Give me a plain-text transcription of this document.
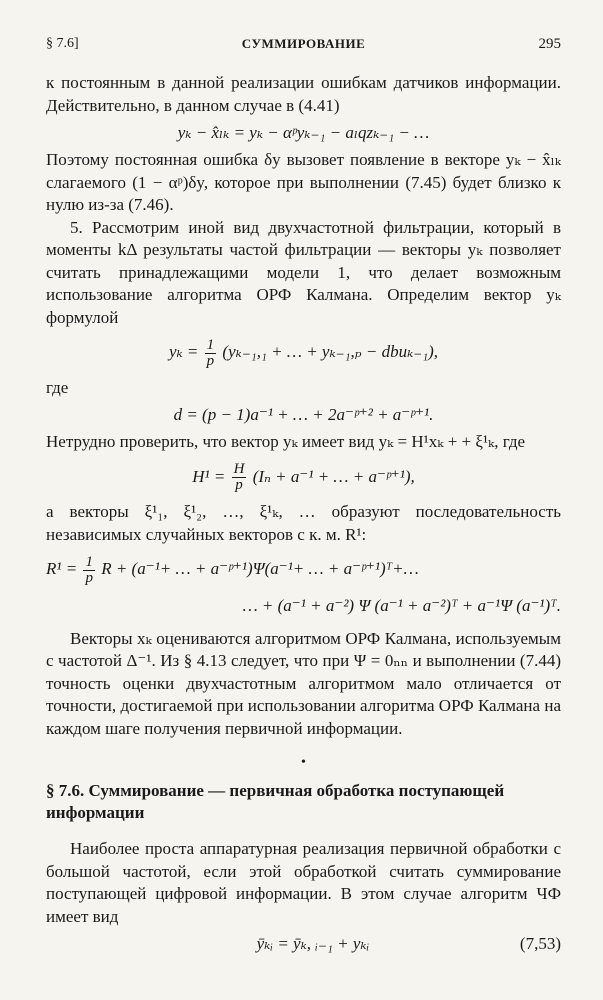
§ 7.6]	СУММИРОВАНИЕ	295

к постоянным в данной реализации ошибкам датчиков информации. Действительно, в данном случае в (4.41)

yₖ − x̂ₗₖ = yₖ − αᵖyₖ₋₁ − aₗqzₖ₋₁ − …

Поэтому постоянная ошибка δy вызовет появление в векторе yₖ − x̂ₗₖ слагаемого (1 − αᵖ)δy, которое при выполнении (7.45) будет близко к нулю из-за (7.46).

5. Рассмотрим иной вид двухчастотной фильтрации, который в моменты kΔ результаты частой фильтрации — векторы yₖ позволяет считать принадлежащими модели 1, что делает возможным использование алгоритма ОРФ Калмана. Определим вектор yₖ формулой

$y_k = \frac{1}{p} (y_{k-1},_1$ + … + yₖ₋₁,ₚ − dbuₖ₋₁),

где

d = (p − 1)a⁻¹ + … + 2a⁻ᵖ⁺² + a⁻ᵖ⁺¹.

Нетрудно проверить, что вектор yₖ имеет вид yₖ = H¹xₖ + + ξ¹ₖ, где

$H^1 = \frac{H}{p} (I_n + a^{-1}$ + … + a⁻ᵖ⁺¹),

а векторы ξ¹₁, ξ¹₂, …, ξ¹ₖ, … образуют последовательность независимых случайных векторов с к. м. R¹:

$R^1 = \frac{1}{p}$ R + (a⁻¹+ … + a⁻ᵖ⁺¹)Ψ(a⁻¹+ … + a⁻ᵖ⁺¹)ᵀ+…
… + (a⁻¹ + a⁻²) Ψ (a⁻¹ + a⁻²)ᵀ + a⁻¹Ψ (a⁻¹)ᵀ.

Векторы xₖ оцениваются алгоритмом ОРФ Калмана, используемым с частотой Δ⁻¹. Из § 4.13 следует, что при Ψ = 0ₙₙ и выполнении (7.44) точность оценки двухчастотным алгоритмом мало отличается от точности, достигаемой при использовании алгоритма ОРФ Калмана на каждом шаге получения первичной информации.

•
§ 7.6. Суммирование — первичная обработка поступающей информации

Наиболее проста аппаратурная реализация первичной обработки с большой частотой, если этой обработкой считать суммирование поступающей цифровой информации. В этом случае алгоритм ЧФ имеет вид

ȳₖᵢ = ȳₖ, ᵢ₋₁ + yₖᵢ	(7,53)
